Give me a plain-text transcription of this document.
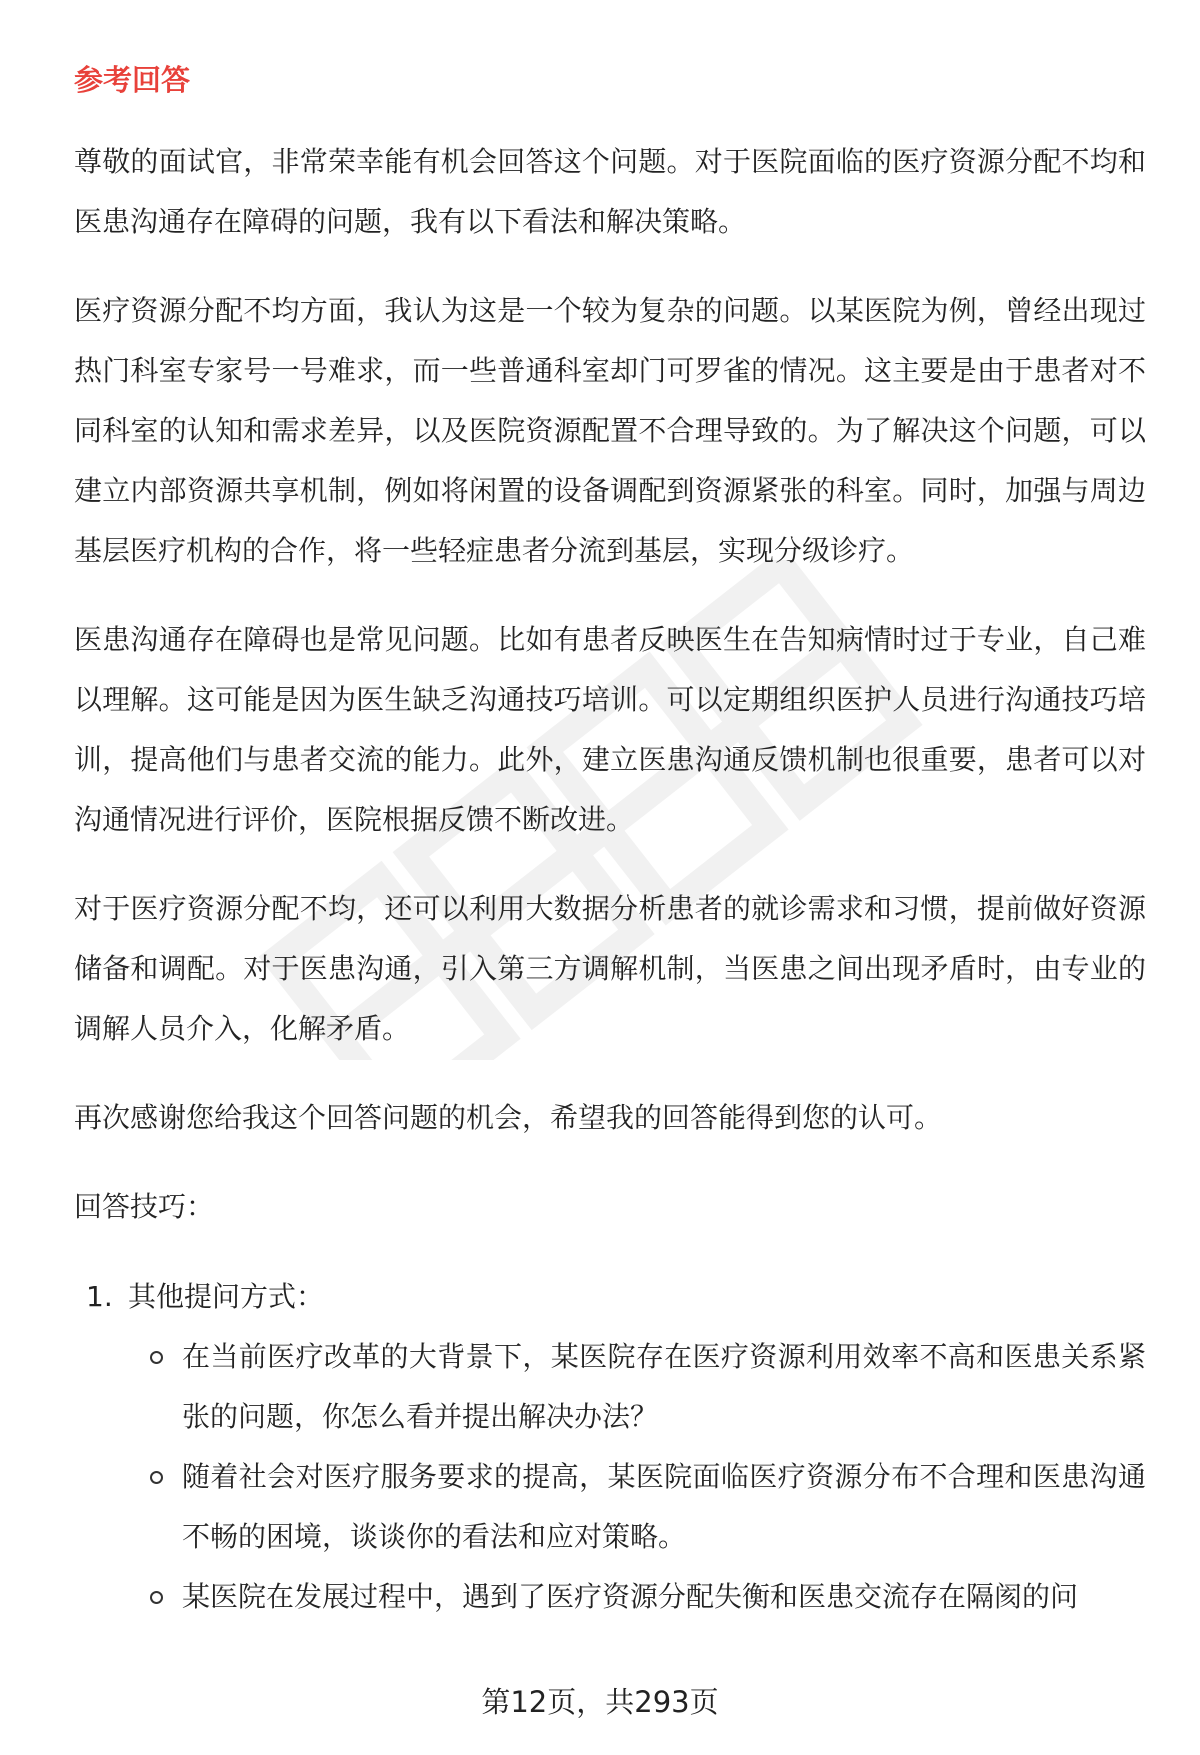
参考回答

尊敬的面试官，非常荣幸能有机会回答这个问题。对于医院面临的医疗资源分配不均和医患沟通存在障碍的问题，我有以下看法和解决策略。

医疗资源分配不均方面，我认为这是一个较为复杂的问题。以某医院为例，曾经出现过热门科室专家号一号难求，而一些普通科室却门可罗雀的情况。这主要是由于患者对不同科室的认知和需求差异，以及医院资源配置不合理导致的。为了解决这个问题，可以建立内部资源共享机制，例如将闲置的设备调配到资源紧张的科室。同时，加强与周边基层医疗机构的合作，将一些轻症患者分流到基层，实现分级诊疗。

医患沟通存在障碍也是常见问题。比如有患者反映医生在告知病情时过于专业，自己难以理解。这可能是因为医生缺乏沟通技巧培训。可以定期组织医护人员进行沟通技巧培训，提高他们与患者交流的能力。此外，建立医患沟通反馈机制也很重要，患者可以对沟通情况进行评价，医院根据反馈不断改进。

对于医疗资源分配不均，还可以利用大数据分析患者的就诊需求和习惯，提前做好资源储备和调配。对于医患沟通，引入第三方调解机制，当医患之间出现矛盾时，由专业的调解人员介入，化解矛盾。

再次感谢您给我这个回答问题的机会，希望我的回答能得到您的认可。

回答技巧：
1. 其他提问方式：
在当前医疗改革的大背景下，某医院存在医疗资源利用效率不高和医患关系紧张的问题，你怎么看并提出解决办法？
随着社会对医疗服务要求的提高，某医院面临医疗资源分布不合理和医患沟通不畅的困境，谈谈你的看法和应对策略。
某医院在发展过程中，遇到了医疗资源分配失衡和医患交流存在隔阂的问
第12页，共293页
